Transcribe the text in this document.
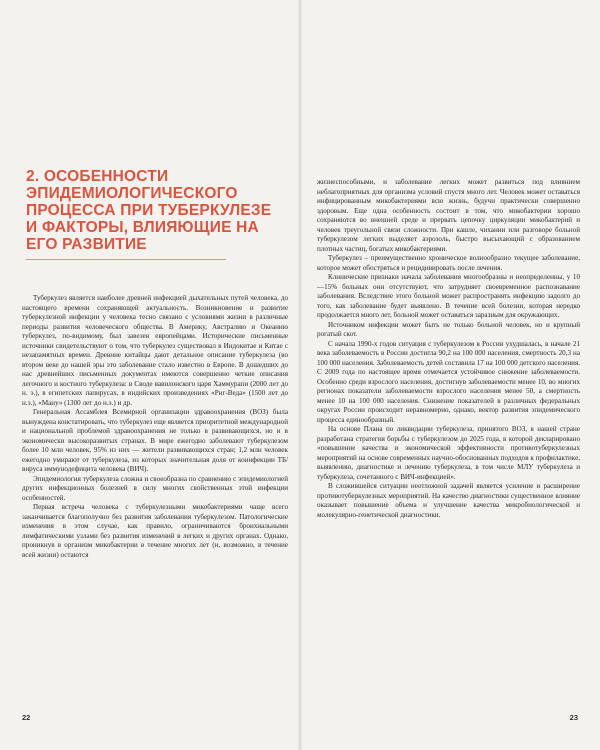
2. ОСОБЕННОСТИ ЭПИДЕМИОЛОГИЧЕСКОГО ПРОЦЕССА ПРИ ТУБЕРКУЛЕЗЕ И ФАКТОРЫ, ВЛИЯЮЩИЕ НА ЕГО РАЗВИТИЕ

Туберкулез является наиболее древней инфекцией дыхательных путей человека, до настоящего времени сохраняющей актуальность. Возникновение и развитие туберкулезной инфекции у человека тесно связано с условиями жизни в различные периоды развития человеческого общества. В Америку, Австралию и Океанию туберкулез, по-видимому, был завезен европейцами. Исторические письменные источники свидетельствуют о том, что туберкулез существовал в Индокитае и Китае с незапамятных времен. Древние китайцы дают детальное описание туберкулеза (во втором веке до нашей эры это заболевание стало известно в Европе. В дошедших до нас древнейших письменных документах имеются совершенно четкие описания легочного и костного туберкулеза: в Своде вавилонского царя Хаммурапи (2000 лет до н. э.), в египетских папирусах, в индийских произведениях «Риг-Веда» (1500 лет до н.э.), «Ману» (1300 лет до н.э.) и др.

Генеральная Ассамблея Всемирной организации здравоохранения (ВОЗ) была вынуждена констатировать, что туберкулез еще является приоритетной международной и национальной проблемой здравоохранения не только в развивающихся, но и в экономически высокоразвитых странах. В мире ежегодно заболевают туберкулезом более 10 млн человек, 95% из них — жители развивающихся стран; 1,2 млн человек ежегодно умирают от туберкулеза, из которых значительная доля от коинфекции ТБ/вируса иммунодефицита человека (ВИЧ).

Эпидемиология туберкулеза сложна и своеобразна по сравнению с эпидемиологией других инфекционных болезней в силу многих свойственных этой инфекции особенностей.

Первая встреча человека с туберкулезными микобактериями чаще всего заканчивается благополучно без развития заболевания туберкулезом. Патологические изменения в этом случае, как правило, ограничиваются бронхиальными лимфатическими узлами без развития изменений в легких и других органах. Однако, проникнув в организм микобактерии в течение многих лет (и, возможно, в течение всей жизни) остаются

22

жизнеспособными, и заболевание легких может развиться под влиянием неблагоприятных для организма условий спустя много лет. Человек может оставаться инфицированным микобактериями всю жизнь, будучи практически совершенно здоровым. Еще одна особенность состоит в том, что микобактерии хорошо сохраняются во внешней среде и прервать цепочку циркуляции микобактерий и человек треугольной связи сложности. При кашле, чихании или разговоре больной туберкулезом легких выделяет аэрозоль, быстро высыхающий с образованием плотных частиц, богатых микобактериями.

Туберкулез – преимущественно хроническое волнообразно текущее заболевание, которое может обостряться и рецидивировать после лечения.

Клинические признаки начала заболевания многообразны и неопределенны, у 10—15% больных они отсутствуют, что затрудняет своевременное распознавание заболевания. Вследствие этого больной может распространять инфекцию задолго до того, как заболевание будет выявлено. В течение всей болезни, которая нередко продолжается много лет, больной может оставаться заразным для окружающих.

Источником инфекции может быть не только больной человек, но и крупный рогатый скот.

С начала 1990-х годов ситуация с туберкулезом в России ухудшалась, в начале 21 века заболеваемость в России достигла 90,2 на 100 000 населения, смертность 20,3 на 100 000 населения. Заболеваемость детей составила 17 на 100 000 детского населения. С 2009 года по настоящее время отмечается устойчивое снижение заболеваемости. Особенно среди взрослого населения, достигнув заболеваемости менее 10, во многих регионах показатели заболеваемости взрослого населения менее 50, а смертность менее 10 на 100 000 населения. Снижение показателей в различных федеральных округах России происходит неравномерно, однако, вектор развития эпидемического процесса единообразный.

На основе Плана по ликвидации туберкулеза, принятого ВОЗ, в нашей стране разработана стратегия борьбы с туберкулезом до 2025 года, в которой декларировано «повышение качества и экономической эффективности противотуберкулезных мероприятий на основе современных научно-обоснованных подходов к профилактике, выявлению, диагностике и лечению туберкулеза, в том числе МЛУ туберкулеза и туберкулеза, сочетанного с ВИЧ-инфекцией».

В сложившейся ситуации неотложной задачей является усиление и расширение противотуберкулезных мероприятий. На качество диагностики существенное влияние оказывает повышение объема и улучшение качества микробиологической и молекулярно-генетической диагностики.

23
